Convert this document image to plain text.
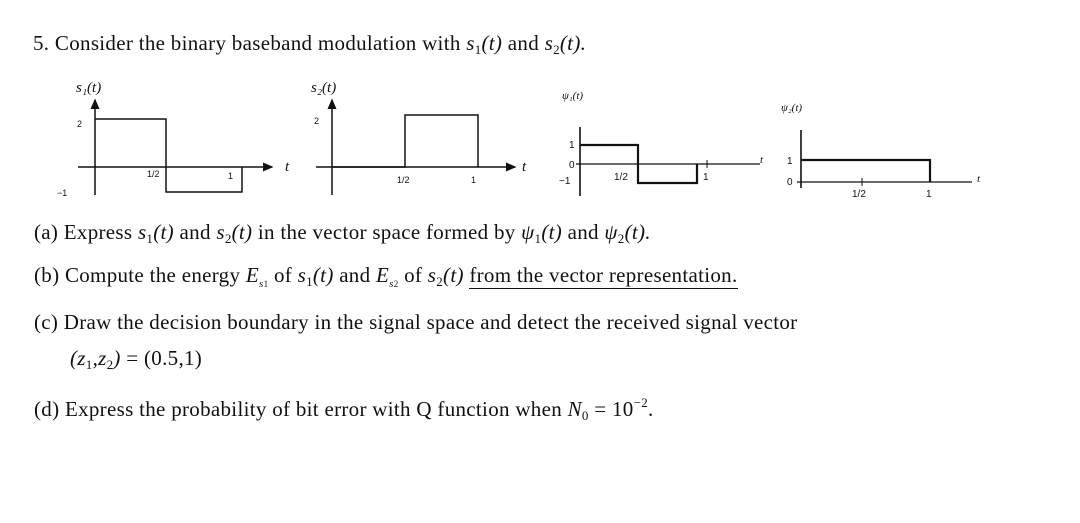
5. Consider the binary baseband modulation with $s_1(t)$ and $s_2(t)$.
s₁(t)
2
−1
1/2	1
t
s₂(t)
2
1/2	1
t
ψ₁(t)
1
0
−1	1/2	1
t
ψ₂(t)
1
0
1/2	1
t
(a) Express $s_1(t)$ and $s_2(t)$ in the vector space formed by $\psi_1(t)$ and $\psi_2(t)$.
(b) Compute the energy $E_{s1}$ of $s_1(t)$ and $E_{s2}$ of $s_2(t)$ from the vector representation.
(c) Draw the decision boundary in the signal space and detect the received signal vector
$(z_1,z_2) = (0.5,1)$
(d) Express the probability of bit error with Q function when $N_0 = 10^{-2}$.
